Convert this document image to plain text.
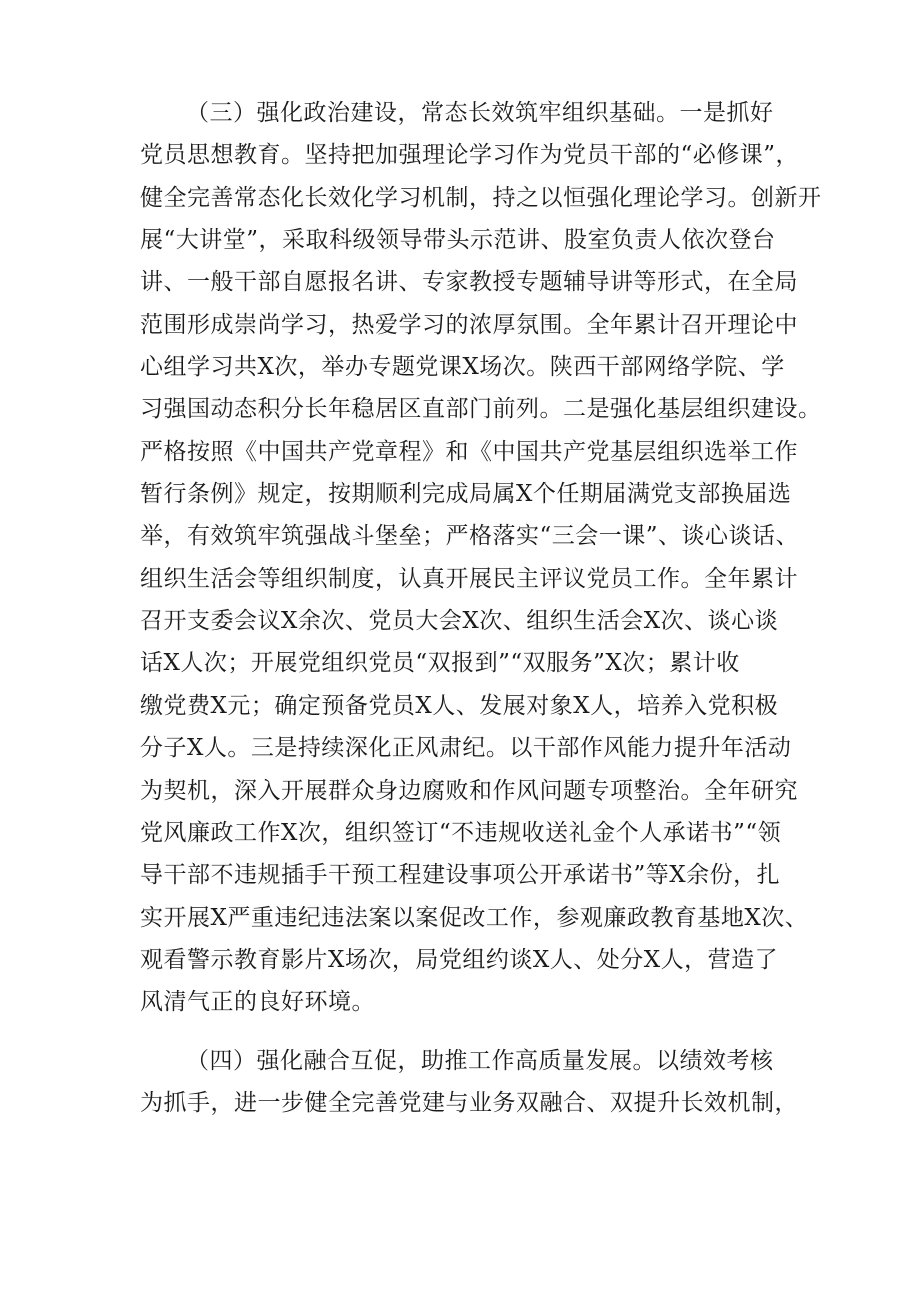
（三）强化政治建设，常态长效筑牢组织基础。一是抓好
党员思想教育。坚持把加强理论学习作为党员干部的“必修课”，
健全完善常态化长效化学习机制，持之以恒强化理论学习。创新开
展“大讲堂”，采取科级领导带头示范讲、股室负责人依次登台
讲、一般干部自愿报名讲、专家教授专题辅导讲等形式，在全局
范围形成崇尚学习，热爱学习的浓厚氛围。全年累计召开理论中
心组学习共X次，举办专题党课X场次。陕西干部网络学院、学
习强国动态积分长年稳居区直部门前列。二是强化基层组织建设。
严格按照《中国共产党章程》和《中国共产党基层组织选举工作
暂行条例》规定，按期顺利完成局属X个任期届满党支部换届选
举，有效筑牢筑强战斗堡垒；严格落实“三会一课”、谈心谈话、
组织生活会等组织制度，认真开展民主评议党员工作。全年累计
召开支委会议X余次、党员大会X次、组织生活会X次、谈心谈
话X人次；开展党组织党员“双报到”“双服务”X次；累计收
缴党费X元；确定预备党员X人、发展对象X人，培养入党积极
分子X人。三是持续深化正风肃纪。以干部作风能力提升年活动
为契机，深入开展群众身边腐败和作风问题专项整治。全年研究
党风廉政工作X次，组织签订“不违规收送礼金个人承诺书”“领
导干部不违规插手干预工程建设事项公开承诺书”等X余份，扎
实开展X严重违纪违法案以案促改工作，参观廉政教育基地X次、
观看警示教育影片X场次，局党组约谈X人、处分X人，营造了
风清气正的良好环境。
（四）强化融合互促，助推工作高质量发展。以绩效考核
为抓手，进一步健全完善党建与业务双融合、双提升长效机制，
